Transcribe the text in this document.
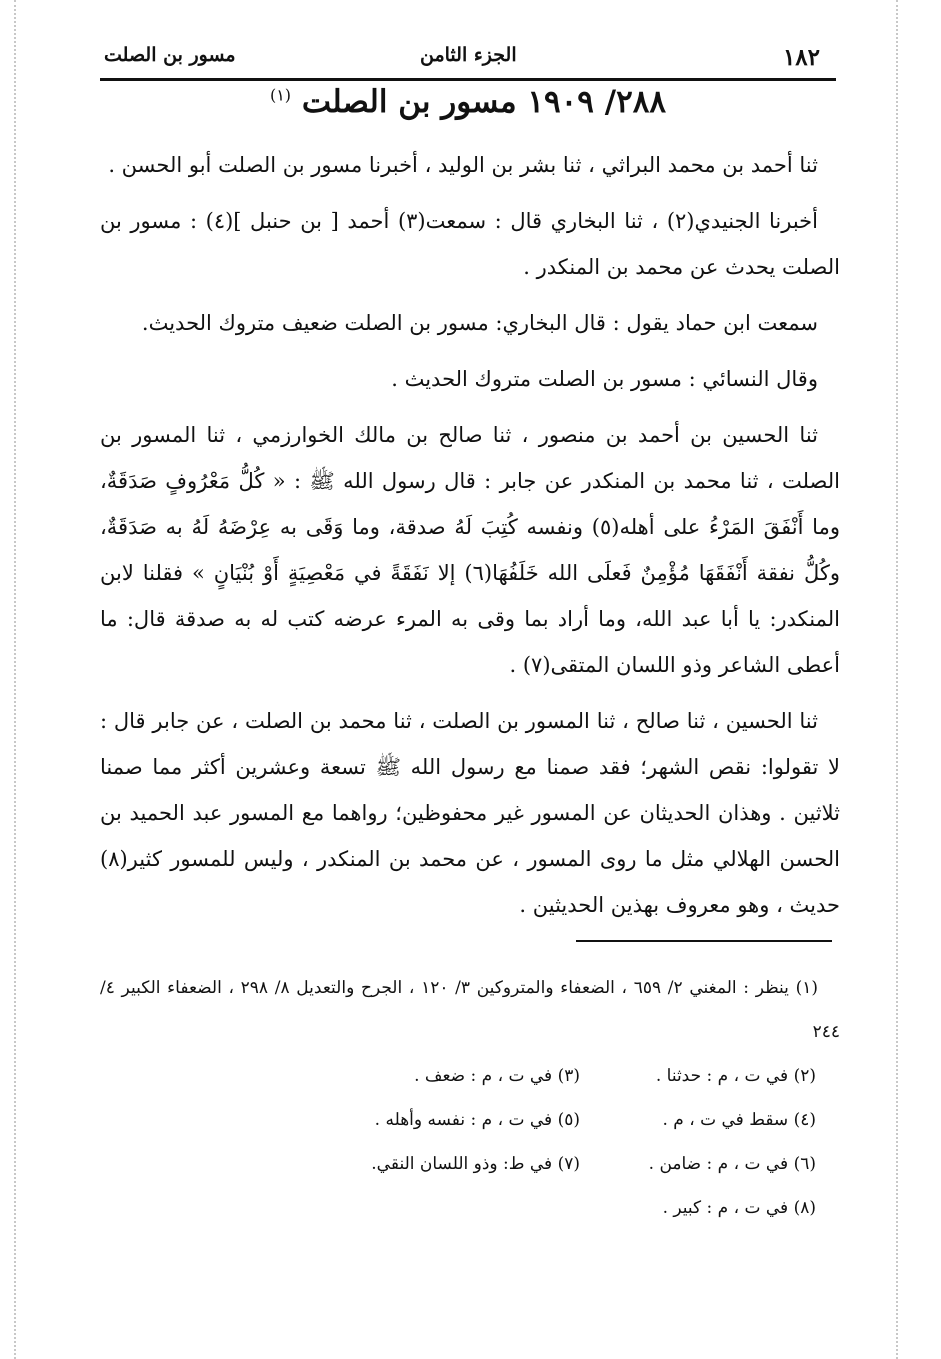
١٨٢
الجزء الثامن
مسور بن الصلت
٢٨٨/ ١٩٠٩ مسور بن الصلت $^{(١)}$

ثنا أحمد بن محمد البراثي ، ثنا بشر بن الوليد ، أخبرنا مسور بن الصلت أبو الحسن .

أخبرنا الجنيدي(٢) ، ثنا البخاري قال : سمعت(٣) أحمد [ بن حنبل ](٤) : مسور بن الصلت يحدث عن محمد بن المنكدر .

سمعت ابن حماد يقول : قال البخاري: مسور بن الصلت ضعيف متروك الحديث.

وقال النسائي : مسور بن الصلت متروك الحديث .

ثنا الحسين بن أحمد بن منصور ، ثنا صالح بن مالك الخوارزمي ، ثنا المسور بن الصلت ، ثنا محمد بن المنكدر عن جابر : قال رسول الله ﷺ : « كُلُّ مَعْرُوفٍ صَدَقَةٌ، وما أَنْفَقَ المَرْءُ على أهله(٥) ونفسه كُتِبَ لَهُ صدقة، وما وَقَى به عِرْضَهُ لَهُ به صَدَقَةٌ، وكُلُّ نفقة أَنْفَقَهَا مُؤْمِنٌ فَعلَى الله خَلَفُهَا(٦) إلا نَفَقَةً في مَعْصِيَةٍ أَوْ بُنْيَانٍ » فقلنا لابن المنكدر: يا أبا عبد الله، وما أراد بما وقى به المرء عرضه كتب له به صدقة قال: ما أعطى الشاعر وذو اللسان المتقى(٧) .

ثنا الحسين ، ثنا صالح ، ثنا المسور بن الصلت ، ثنا محمد بن الصلت ، عن جابر قال : لا تقولوا: نقص الشهر؛ فقد صمنا مع رسول الله ﷺ تسعة وعشرين أكثر مما صمنا ثلاثين . وهذان الحديثان عن المسور غير محفوظين؛ رواهما مع المسور عبد الحميد بن الحسن الهلالي مثل ما روى المسور ، عن محمد بن المنكدر ، وليس للمسور كثير(٨) حديث ، وهو معروف بهذين الحديثين .

(١) ينظر : المغني ٢/ ٦٥٩ ، الضعفاء والمتروكين ٣/ ١٢٠ ، الجرح والتعديل ٨/ ٢٩٨ ، الضعفاء الكبير ٤/ ٢٤٤

(٢) في ت ، م : حدثنا .
(٣) في ت ، م : ضعف .
(٤) سقط في ت ، م .
(٥) في ت ، م : نفسه وأهله .
(٦) في ت ، م : ضامن .
(٧) في ط: وذو اللسان النقي.
(٨) في ت ، م : كبير .
